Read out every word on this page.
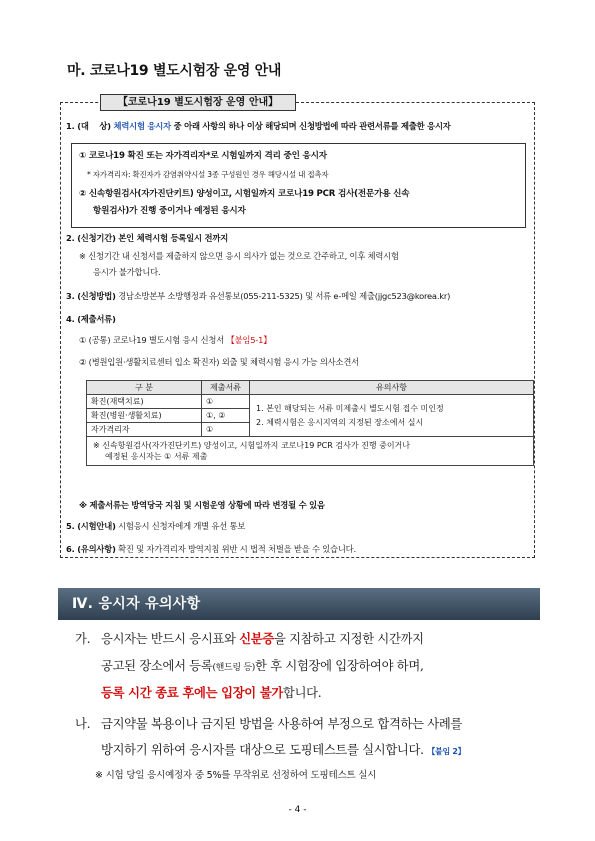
마. 코로나19 별도시험장 운영 안내
【코로나19 별도시험장 운영 안내】
1. (대    상) 체력시험 응시자 중 아래 사항의 하나 이상 해당되며 신청방법에 따라 관련서류를 제출한 응시자
① 코로나19 확진 또는 자가격리자*로 시험일까지 격리 중인 응시자
* 자가격리자: 확진자가 감염취약시설 3종 구성원인 경우 해당시설 내 접촉자
② 신속항원검사(자가진단키트) 양성이고, 시험일까지 코로나19 PCR 검사(전문가용 신속
항원검사)가 진행 중이거나 예정된 응시자
2. (신청기간) 본인 체력시험 등록일시 전까지
※ 신청기간 내 신청서를 제출하지 않으면 응시 의사가 없는 것으로 간주하고, 이후 체력시험
응시가 불가합니다.
3. (신청방법) 경남소방본부 소방행정과 유선통보(055-211-5325) 및 서류 e-메일 제출(jjgc523@korea.kr)
4. (제출서류)
① (공통) 코로나19 별도시험 응시 신청서 【붙임5-1】
② (병원입원·생활치료센터 입소 확진자) 외출 및 체력시험 응시 가능 의사소견서
구 분	제출서류	유의사항
확진(재택치료)	①	1. 본인 해당되는 서류 미제출시 별도시험 접수 미인정
2. 체력시험은 응시지역의 지정된 장소에서 실시

확진(병원·생활치료)	①, ②	
자가격리자	①	

※ 신속항원검사(자가진단키트) 양성이고, 시험일까지 코로나19 PCR 검사가 진행 중이거나
예정된 응시자는 ① 서류 제출		
※ 제출서류는 방역당국 지침 및 시험운영 상황에 따라 변경될 수 있음
5. (시험안내) 시험응시 신청자에게 개별 유선 통보
6. (유의사항) 확진 및 자가격리자 방역지침 위반 시 법적 처벌을 받을 수 있습니다.
Ⅳ. 응시자 유의사항
가. 응시자는 반드시 응시표와 신분증을 지참하고 지정한 시간까지
공고된 장소에서 등록(핸드링 등)한 후 시험장에 입장하여야 하며,
등록 시간 종료 후에는 입장이 불가합니다.
나. 금지약물 복용이나 금지된 방법을 사용하여 부정으로 합격하는 사례를
방지하기 위하여 응시자를 대상으로 도핑테스트를 실시합니다. 【붙임 2】
※ 시험 당일 응시예정자 중 5%를 무작위로 선정하여 도핑테스트 실시
- 4 -
